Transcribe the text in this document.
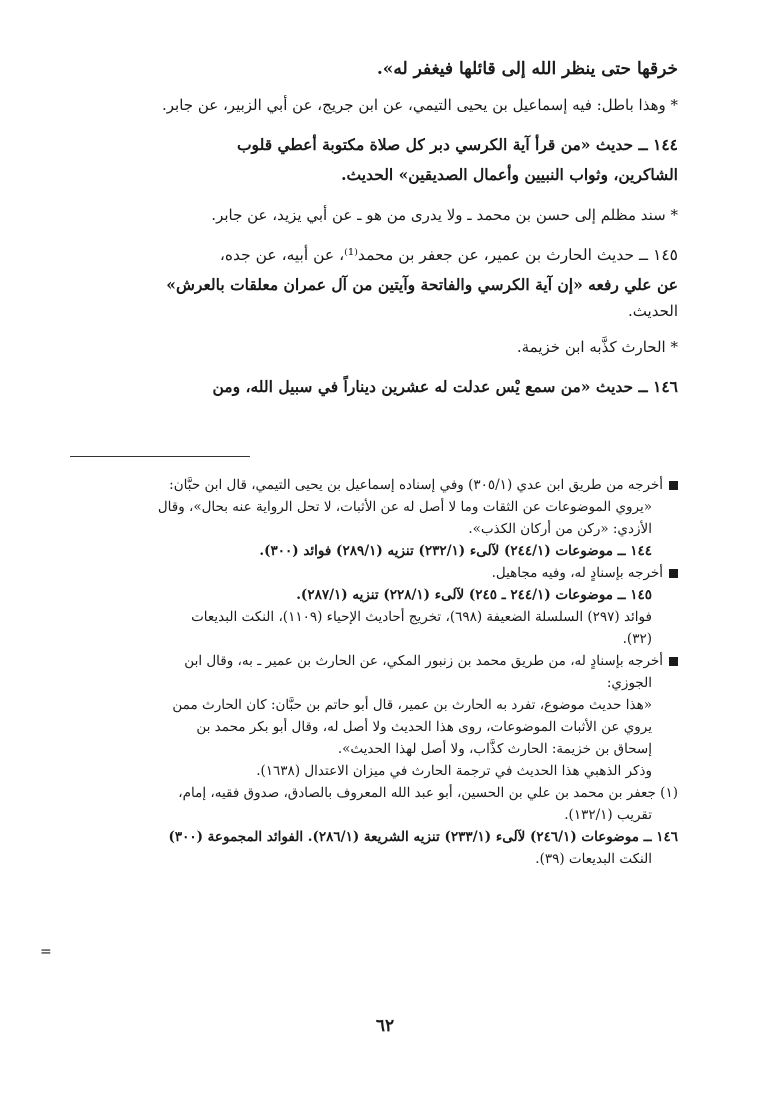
خرقها حتى ينظر الله إلى قائلها فيغفر له».

* وهذا باطل: فيه إسماعيل بن يحيى التيمي، عن ابن جريج، عن أبي الزبير، عن جابر.

١٤٤ ــ حديث «من قرأ آية الكرسي دبر كل صلاة مكتوبة أعطي قلوب

الشاكرين، وثواب النبيين وأعمال الصديقين» الحديث.

* سند مظلم إلى حسن بن محمد ـ ولا يدرى من هو ـ عن أبي يزيد، عن جابر.

١٤٥ ــ حديث الحارث بن عمير، عن جعفر بن محمد⁽¹⁾، عن أبيه، عن جده،

عن علي رفعه «إن آية الكرسي والفاتحة وآيتين من آل عمران معلقات بالعرش»

الحديث.

* الحارث كذَّبه ابن خزيمة.

١٤٦ ــ حديث «من سمع يْس عدلت له عشرين ديناراً في سبيل الله، ومن

أخرجه من طريق ابن عدي (٣٠٥/١) وفي إسناده إسماعيل بن يحيى التيمي، قال ابن حبَّان:

«يروي الموضوعات عن الثقات وما لا أصل له عن الأثبات، لا تحل الرواية عنه بحال»، وقال

الأزدي: «ركن من أركان الكذب».

١٤٤ ــ موضوعات (٢٤٤/١) لآلىء (٢٣٢/١) تنزيه (٢٨٩/١) فوائد (٣٠٠).

أخرجه بإسنادٍ له، وفيه مجاهيل.

١٤٥ ــ موضوعات (٢٤٤/١ ـ ٢٤٥) لآلىء (٢٢٨/١) تنزيه (٢٨٧/١).

فوائد (٢٩٧) السلسلة الضعيفة (٦٩٨)، تخريج أحاديث الإحياء (١١٠٩)، النكت البديعات

(٣٢).

أخرجه بإسنادٍ له، من طريق محمد بن زنبور المكي، عن الحارث بن عمير ـ به، وقال ابن

الجوزي:

«هذا حديث موضوع، تفرد به الحارث بن عمير، قال أبو حاتم بن حبَّان: كان الحارث ممن

يروي عن الأثبات الموضوعات، روى هذا الحديث ولا أصل له، وقال أبو بكر محمد بن

إسحاق بن خزيمة: الحارث كذَّاب، ولا أصل لهذا الحديث».

وذكر الذهبي هذا الحديث في ترجمة الحارث في ميزان الاعتدال (١٦٣٨).

(١) جعفر بن محمد بن علي بن الحسين، أبو عبد الله المعروف بالصادق، صدوق فقيه، إمام،

تقريب (١٣٢/١).

١٤٦ ــ موضوعات (٢٤٦/١) لآلىء (٢٣٣/١) تنزيه الشريعة (٢٨٦/١). الفوائد المجموعة (٣٠٠)

النكت البديعات (٣٩).

=
٦٢
